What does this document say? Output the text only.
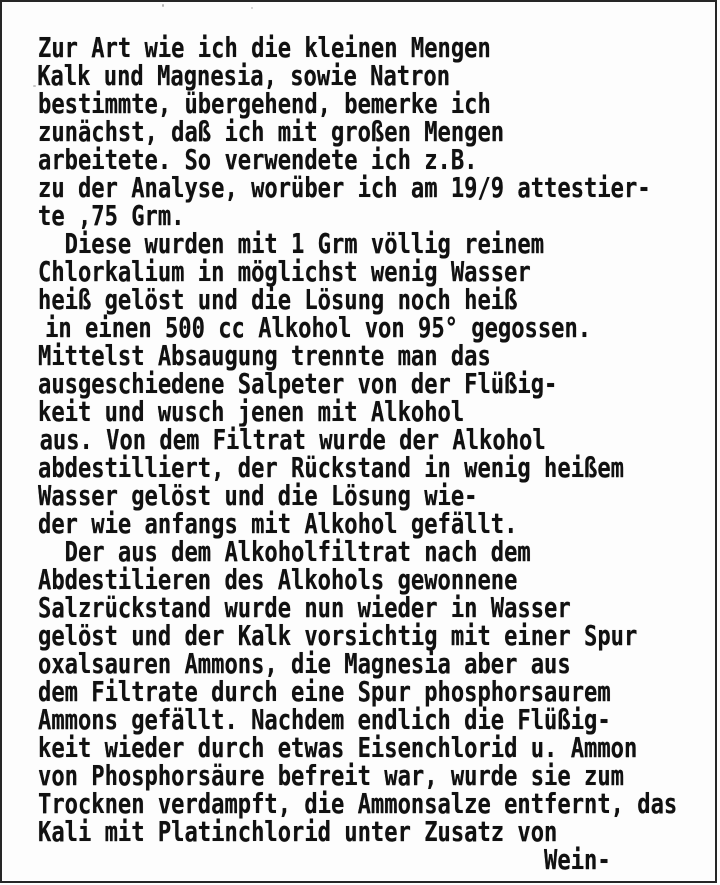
Zur Art wie ich die kleinen Mengen
Kalk und Magnesia, sowie Natron
bestimmte, übergehend, bemerke ich
zunächst, daß ich mit großen Mengen
arbeitete. So verwendete ich z.B.
zu der Analyse, worüber ich am 19/9 attestier-
te ,75 Grm.
Diese wurden mit 1 Grm völlig reinem
Chlorkalium in möglichst wenig Wasser
heiß gelöst und die Lösung noch heiß
in einen 500 cc Alkohol von 95° gegossen.
Mittelst Absaugung trennte man das
ausgeschiedene Salpeter von der Flüßig-
keit und wusch jenen mit Alkohol
aus. Von dem Filtrat wurde der Alkohol
abdestilliert, der Rückstand in wenig heißem
Wasser gelöst und die Lösung wie-
der wie anfangs mit Alkohol gefällt.
Der aus dem Alkoholfiltrat nach dem
Abdestilieren des Alkohols gewonnene
Salzrückstand wurde nun wieder in Wasser
gelöst und der Kalk vorsichtig mit einer Spur
oxalsauren Ammons, die Magnesia aber aus
dem Filtrate durch eine Spur phosphorsaurem
Ammons gefällt. Nachdem endlich die Flüßig-
keit wieder durch etwas Eisenchlorid u. Ammon
von Phosphorsäure befreit war, wurde sie zum
Trocknen verdampft, die Ammonsalze entfernt, das
Kali mit Platinchlorid unter Zusatz von
Wein-
